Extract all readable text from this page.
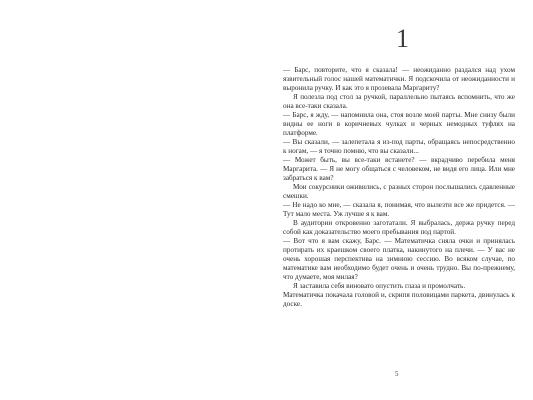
1

— Барс, повторите, что я сказала! — неожиданно раздался над ухом язвительный голос нашей математички. Я подскочила от неожиданности и выронила ручку. И как это я прозевала Маргариту?

Я полезла под стол за ручкой, параллельно пытаясь вспомнить, что же она все-таки сказала.

— Барс, я жду, — напомнила она, стоя возле моей парты. Мне снизу были видны ее ноги в коричневых чулках и черных немодных туфлях на платформе.

— Вы сказали, — залепетала я из-под парты, обращаясь непосредственно к ногам, — я точно помню, что вы сказали...

— Может быть, вы все-таки встанете? — вкрадчиво перебила меня Маргарита. — Я не могу общаться с человеком, не видя его лица. Или мне забраться к вам?

Мои сокурсники оживились, с разных сторон послышались сдавленные смешки.

— Не надо ко мне, — сказала я, понимая, что вылезти все же придется. — Тут мало места. Уж лучше я к вам.

В аудитории откровенно заготатали. Я выбралась, держа ручку перед собой как доказательство моего пребывания под партой.

— Вот что я вам скажу, Барс. — Математичка сняла очки и принялась протирать их краешком своего платка, накинутого на плечи. — У вас не очень хорошая перспектива на зимнюю сессию. Во всяком случае, по математике вам необходимо будет очень и очень трудно. Вы по-прежнему, что думаете, моя милая?

Я заставила себя виновато опустить глаза и промолчать.

Математичка покачала головой и, скрипя половицами паркета, двинулась к доске.

5
